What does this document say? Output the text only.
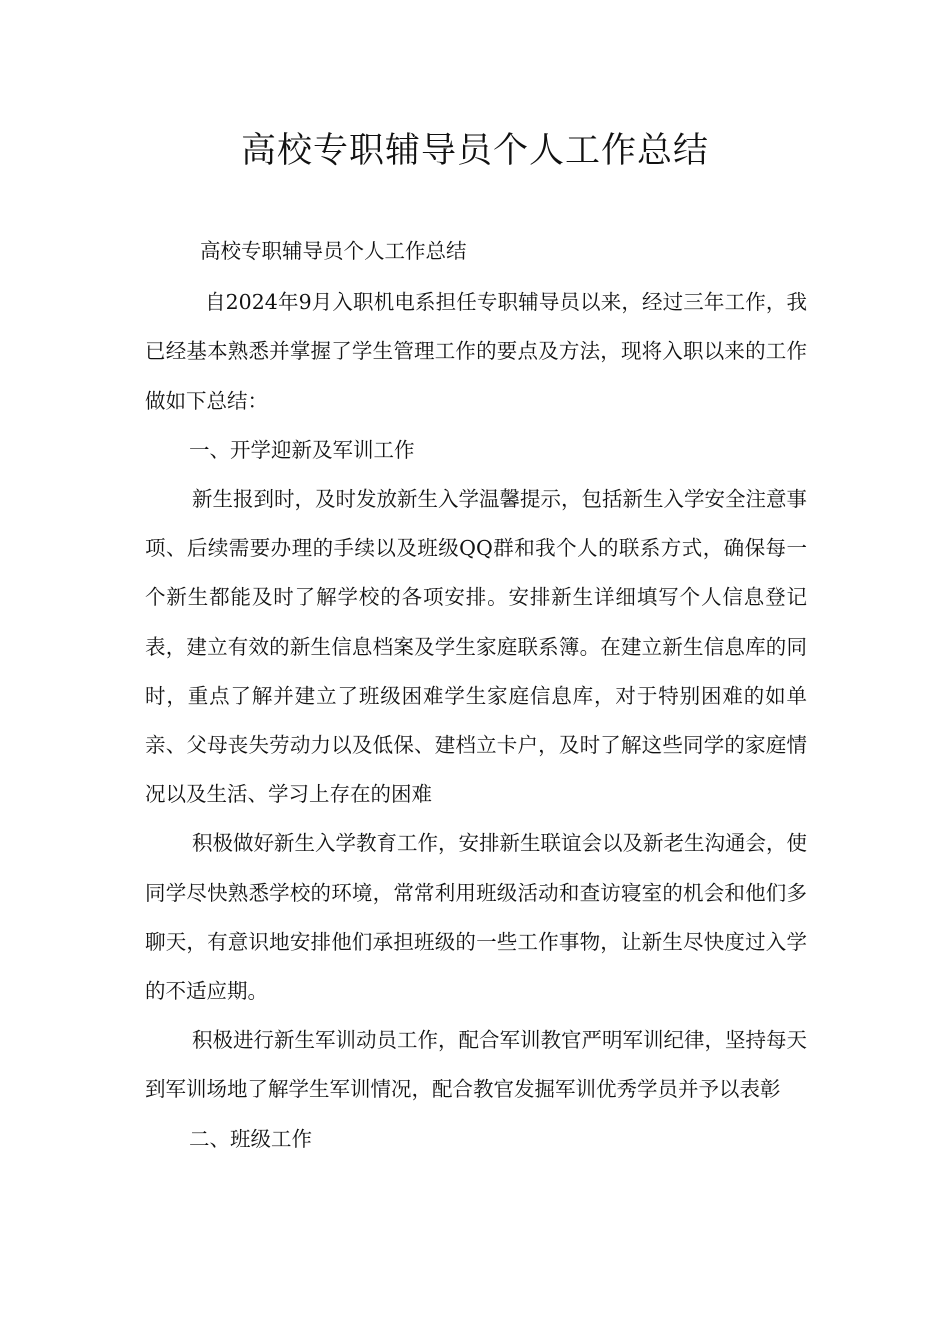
高校专职辅导员个人工作总结

高校专职辅导员个人工作总结

自2024年9月入职机电系担任专职辅导员以来，经过三年工作，我已经基本熟悉并掌握了学生管理工作的要点及方法，现将入职以来的工作做如下总结：

一、开学迎新及军训工作

新生报到时，及时发放新生入学温馨提示，包括新生入学安全注意事项、后续需要办理的手续以及班级QQ群和我个人的联系方式，确保每一个新生都能及时了解学校的各项安排。安排新生详细填写个人信息登记表，建立有效的新生信息档案及学生家庭联系簿。在建立新生信息库的同时，重点了解并建立了班级困难学生家庭信息库，对于特别困难的如单亲、父母丧失劳动力以及低保、建档立卡户，及时了解这些同学的家庭情况以及生活、学习上存在的困难

积极做好新生入学教育工作，安排新生联谊会以及新老生沟通会，使同学尽快熟悉学校的环境，常常利用班级活动和查访寝室的机会和他们多聊天，有意识地安排他们承担班级的一些工作事物，让新生尽快度过入学的不适应期。

积极进行新生军训动员工作，配合军训教官严明军训纪律，坚持每天到军训场地了解学生军训情况，配合教官发掘军训优秀学员并予以表彰

二、班级工作
